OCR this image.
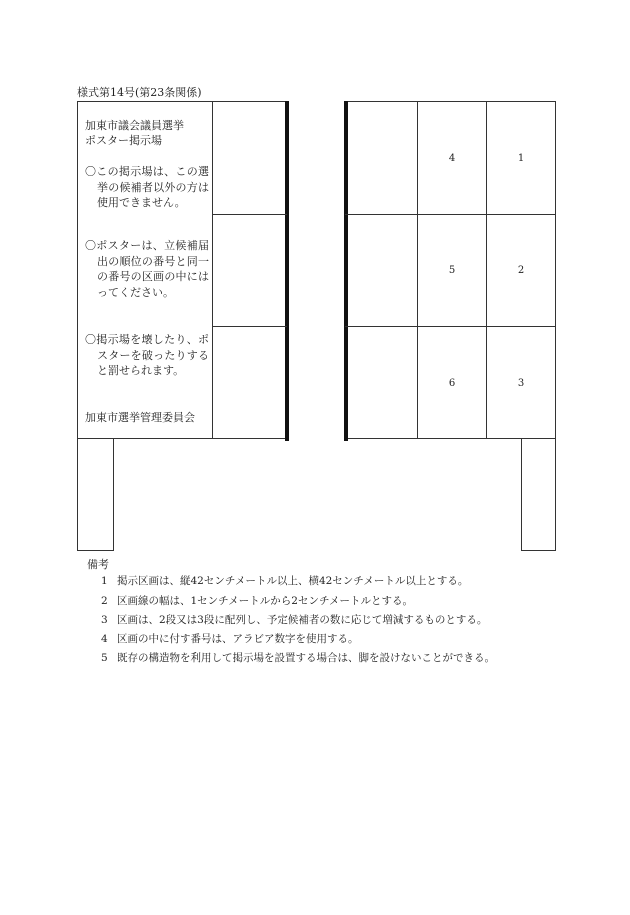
様式第14号(第23条関係)
加東市議会議員選挙
ポスター掲示場
〇この掲示場は、この選挙の候補者以外の方は使用できません。
〇ポスターは、立候補届出の順位の番号と同一の番号の区画の中にはってください。
〇掲示場を壊したり、ポスターを破ったりすると罰せられます。
加東市選挙管理委員会
4
5
6
1
2
3
備考
1 掲示区画は、縦42センチメートル以上、横42センチメートル以上とする。
2 区画線の幅は、1センチメートルから2センチメートルとする。
3 区画は、2段又は3段に配列し、予定候補者の数に応じて増減するものとする。
4 区画の中に付す番号は、アラビア数字を使用する。
5 既存の構造物を利用して掲示場を設置する場合は、脚を設けないことができる。
